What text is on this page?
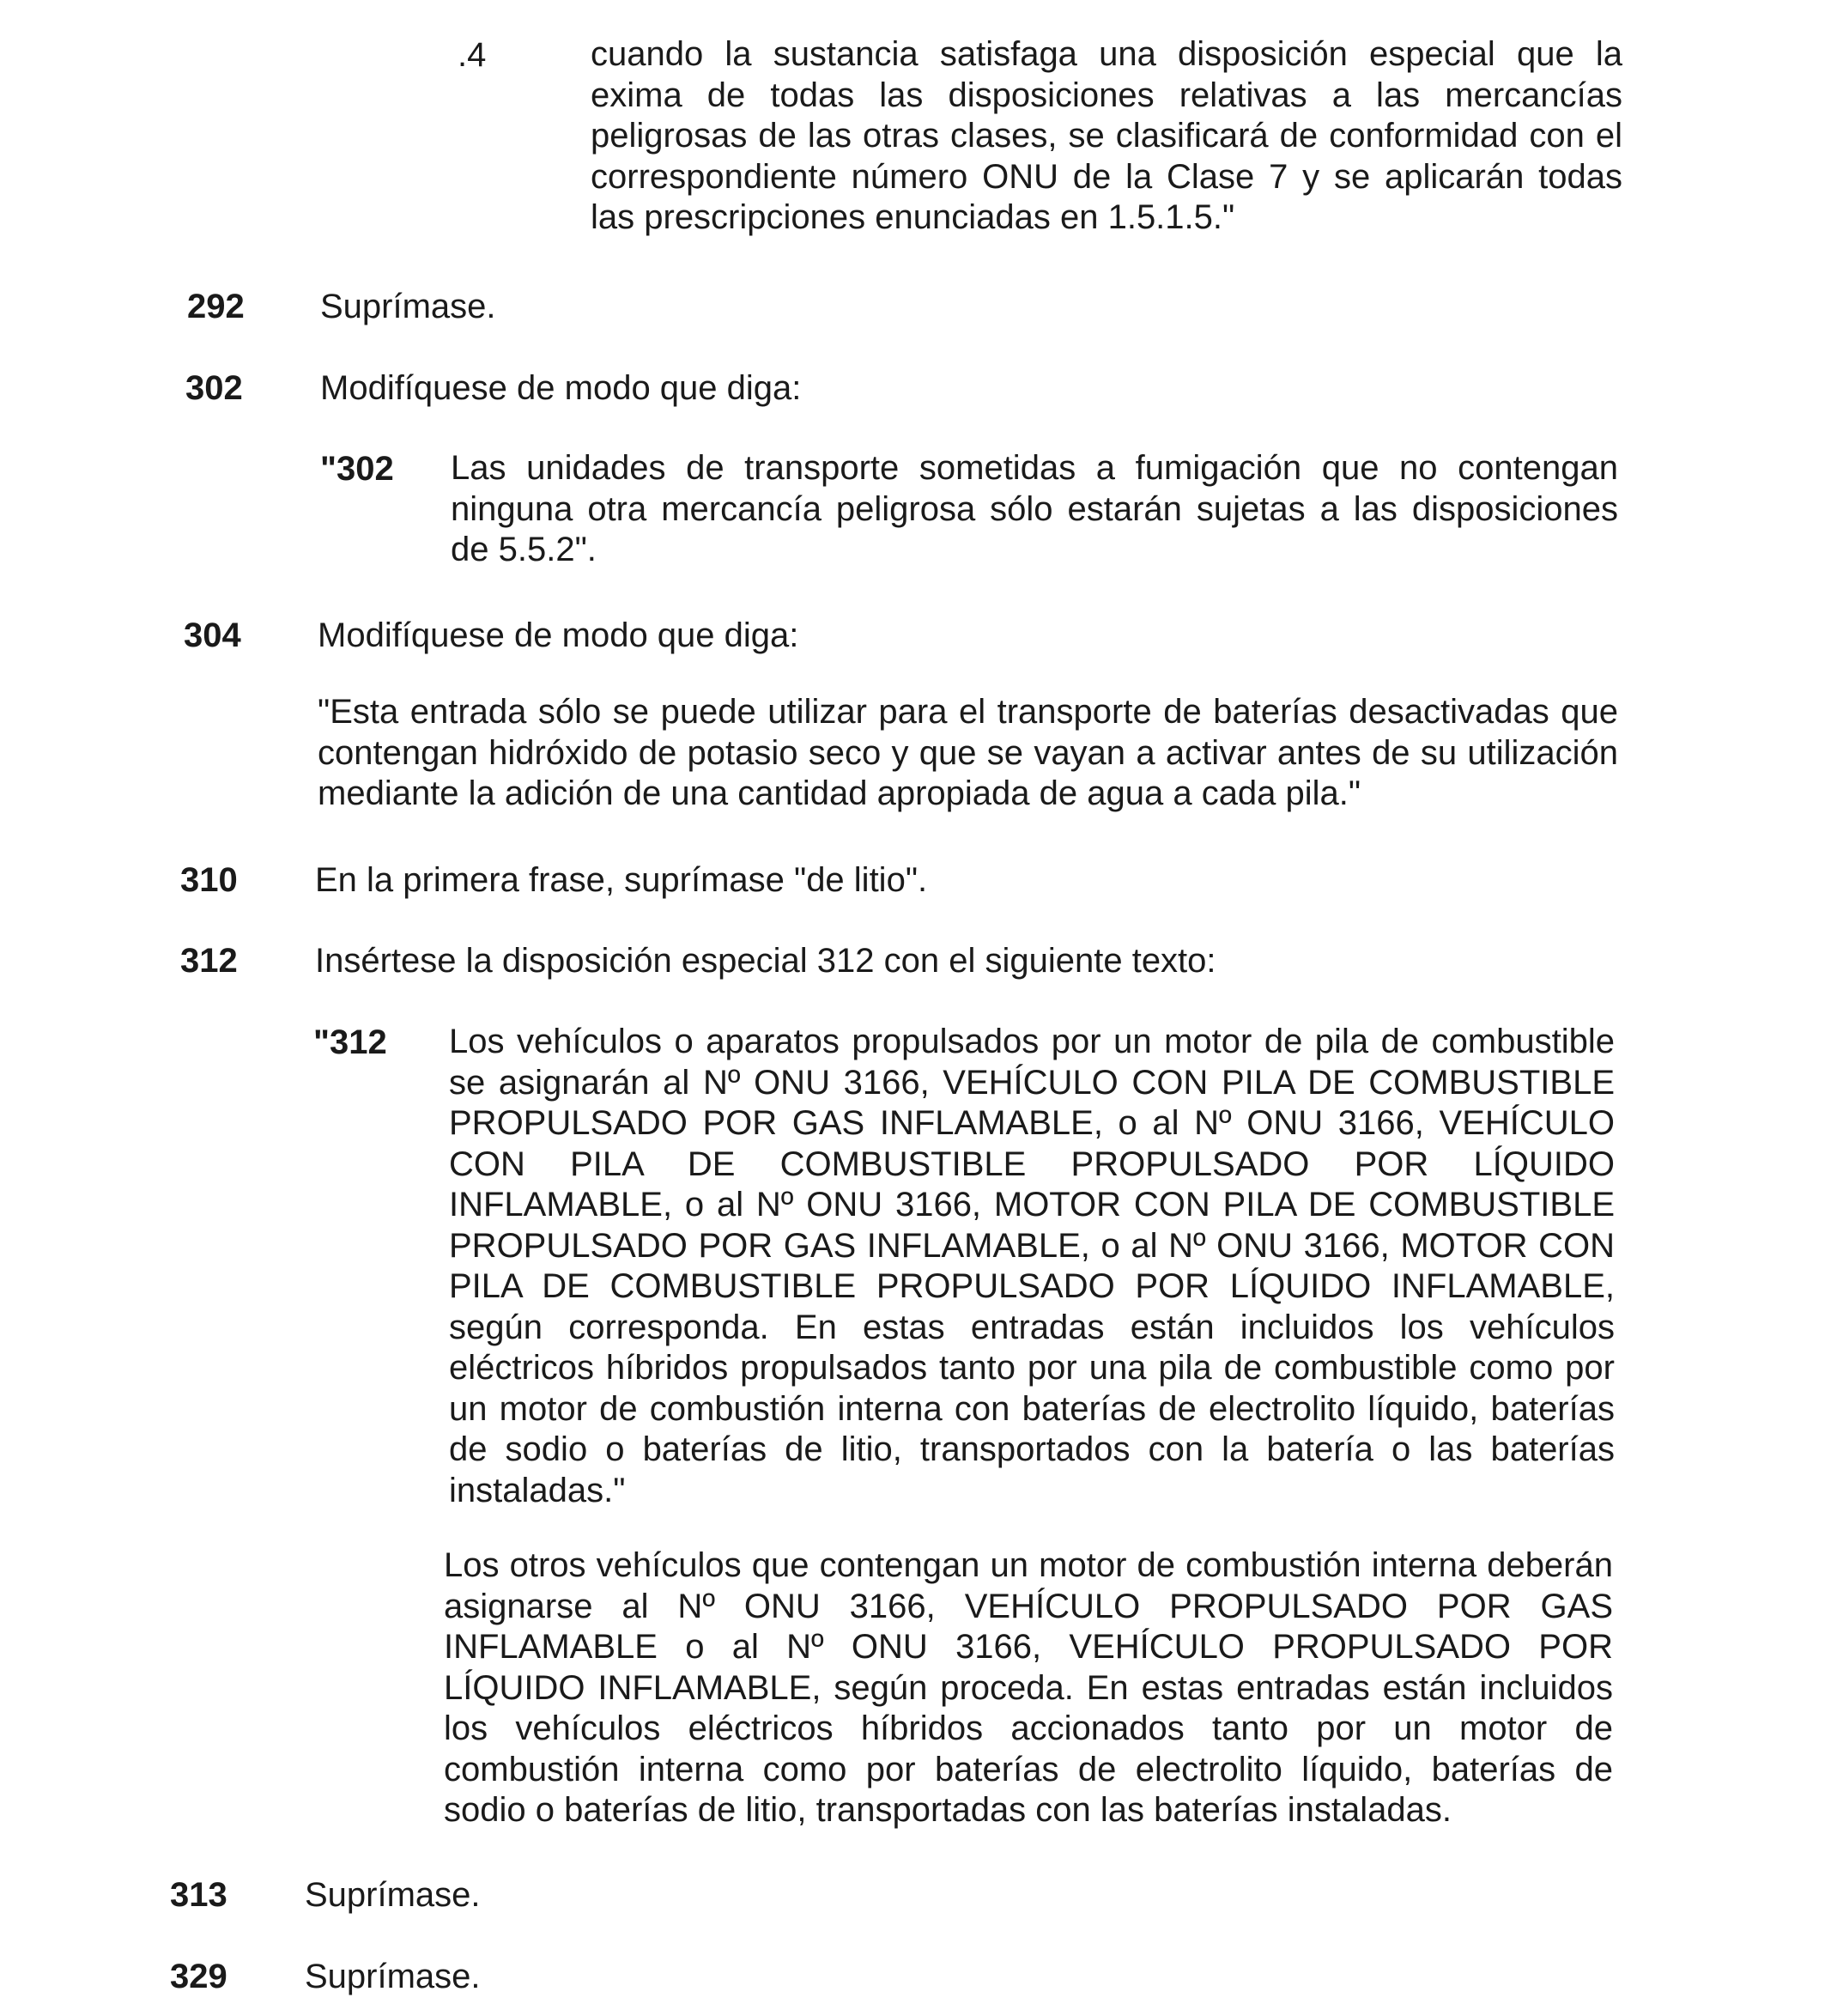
.4	cuando la sustancia satisfaga una disposición especial que la exima de todas las disposiciones relativas a las mercancías peligrosas de las otras clases, se clasificará de conformidad con el correspondiente número ONU de la Clase 7 y se aplicarán todas las prescripciones enunciadas en 1.5.1.5."

292	Suprímase.
302	Modifíquese de modo que diga:
"302 Las unidades de transporte sometidas a fumigación que no contengan ninguna otra mercancía peligrosa sólo estarán sujetas a las disposiciones de 5.5.2".

304	Modifíquese de modo que diga:

"Esta entrada sólo se puede utilizar para el transporte de baterías desactivadas que contengan hidróxido de potasio seco y que se vayan a activar antes de su utilización mediante la adición de una cantidad apropiada de agua a cada pila."

310	En la primera frase, suprímase "de litio".
312	Insértese la disposición especial 312 con el siguiente texto:
"312 Los vehículos o aparatos propulsados por un motor de pila de combustible se asignarán al Nº ONU 3166, VEHÍCULO CON PILA DE COMBUSTIBLE PROPULSADO POR GAS INFLAMABLE, o al Nº ONU 3166, VEHÍCULO CON PILA DE COMBUSTIBLE PROPULSADO POR LÍQUIDO INFLAMABLE, o al Nº ONU 3166, MOTOR CON PILA DE COMBUSTIBLE PROPULSADO POR GAS INFLAMABLE, o al Nº ONU 3166, MOTOR CON PILA DE COMBUSTIBLE PROPULSADO POR LÍQUIDO INFLAMABLE, según corresponda. En estas entradas están incluidos los vehículos eléctricos híbridos propulsados tanto por una pila de combustible como por un motor de combustión interna con baterías de electrolito líquido, baterías de sodio o baterías de litio, transportados con la batería o las baterías instaladas."

Los otros vehículos que contengan un motor de combustión interna deberán asignarse al Nº ONU 3166, VEHÍCULO PROPULSADO POR GAS INFLAMABLE o al Nº ONU 3166, VEHÍCULO PROPULSADO POR LÍQUIDO INFLAMABLE, según proceda. En estas entradas están incluidos los vehículos eléctricos híbridos accionados tanto por un motor de combustión interna como por baterías de electrolito líquido, baterías de sodio o baterías de litio, transportadas con las baterías instaladas.

313	Suprímase.
329	Suprímase.
